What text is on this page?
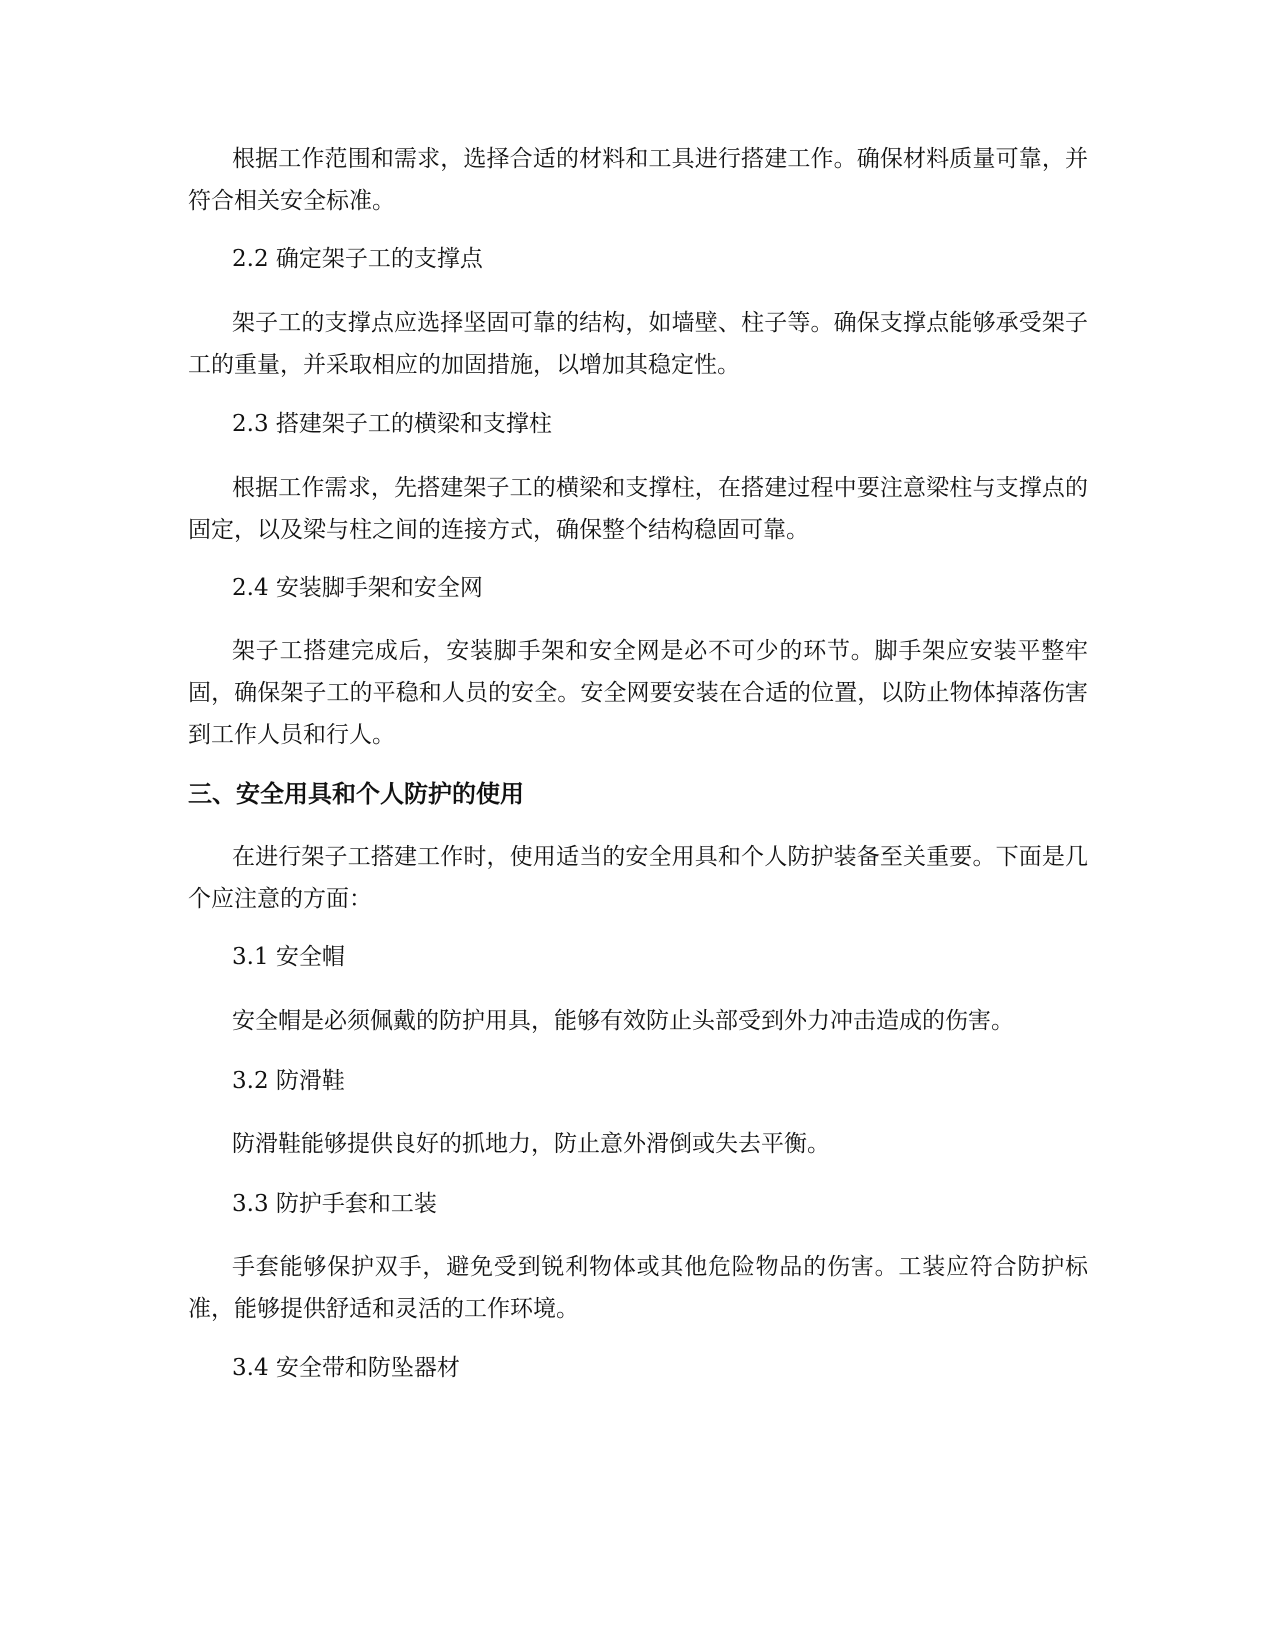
根据工作范围和需求，选择合适的材料和工具进行搭建工作。确保材料质量可靠，并符合相关安全标准。

2.2 确定架子工的支撑点

架子工的支撑点应选择坚固可靠的结构，如墙壁、柱子等。确保支撑点能够承受架子工的重量，并采取相应的加固措施，以增加其稳定性。

2.3 搭建架子工的横梁和支撑柱

根据工作需求，先搭建架子工的横梁和支撑柱，在搭建过程中要注意梁柱与支撑点的固定，以及梁与柱之间的连接方式，确保整个结构稳固可靠。

2.4 安装脚手架和安全网

架子工搭建完成后，安装脚手架和安全网是必不可少的环节。脚手架应安装平整牢固，确保架子工的平稳和人员的安全。安全网要安装在合适的位置，以防止物体掉落伤害到工作人员和行人。

三、安全用具和个人防护的使用

在进行架子工搭建工作时，使用适当的安全用具和个人防护装备至关重要。下面是几个应注意的方面：

3.1 安全帽

安全帽是必须佩戴的防护用具，能够有效防止头部受到外力冲击造成的伤害。

3.2 防滑鞋

防滑鞋能够提供良好的抓地力，防止意外滑倒或失去平衡。

3.3 防护手套和工装

手套能够保护双手，避免受到锐利物体或其他危险物品的伤害。工装应符合防护标准，能够提供舒适和灵活的工作环境。

3.4 安全带和防坠器材
